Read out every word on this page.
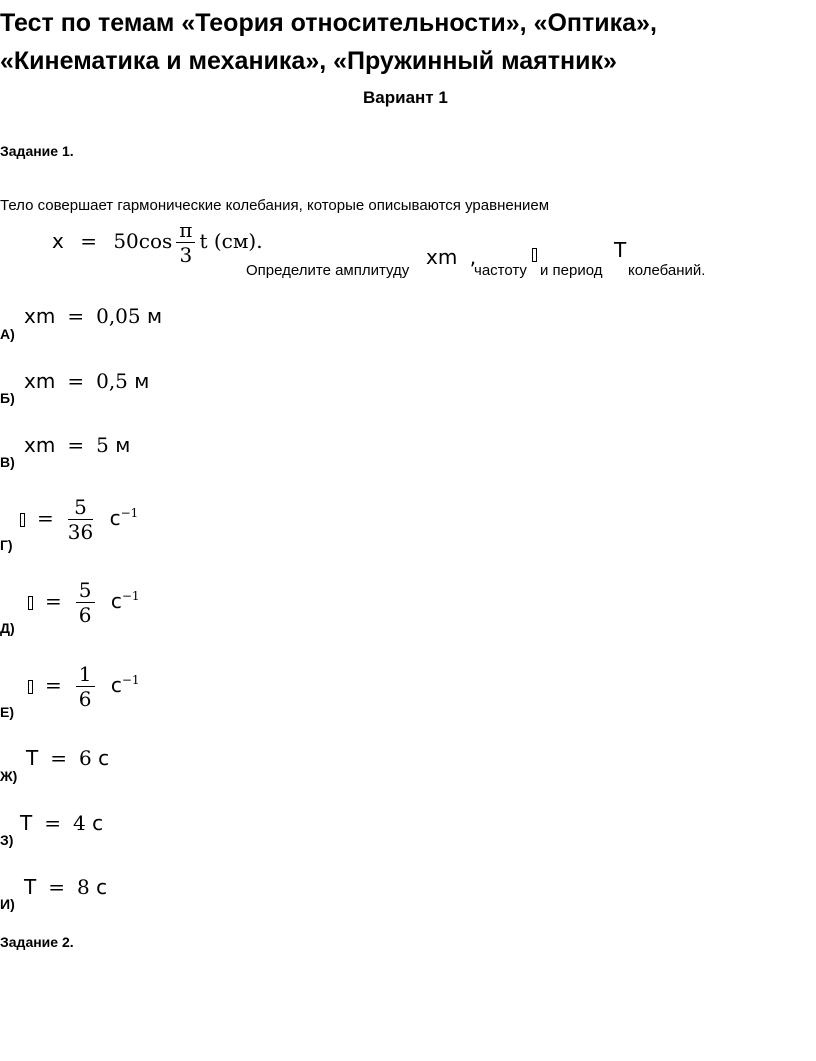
Тест по темам «Теория относительности», «Оптика»,
«Кинематика и механика», «Пружинный маятник»
Вариант 1
Задание 1.
Тело совершает гармонические колебания, которые описываются уравнением
$x = 50\cos \frac{\pi}{3}$ t (см).
Определите амплитуду
xm ,
частоту и период
T
колебаний.
А)
xm = 0,05 м
Б)
xm = 0,5 м
В)
xm = 5 м
Г)
= $\frac{5}{36} c^{-1}$
Д)
= $\frac{5}{6} c^{-1}$
Е)
= $\frac{1}{6} c^{-1}$
Ж)
T = 6 c
З)
T = 4 c
И)
T = 8 c
Задание 2.
